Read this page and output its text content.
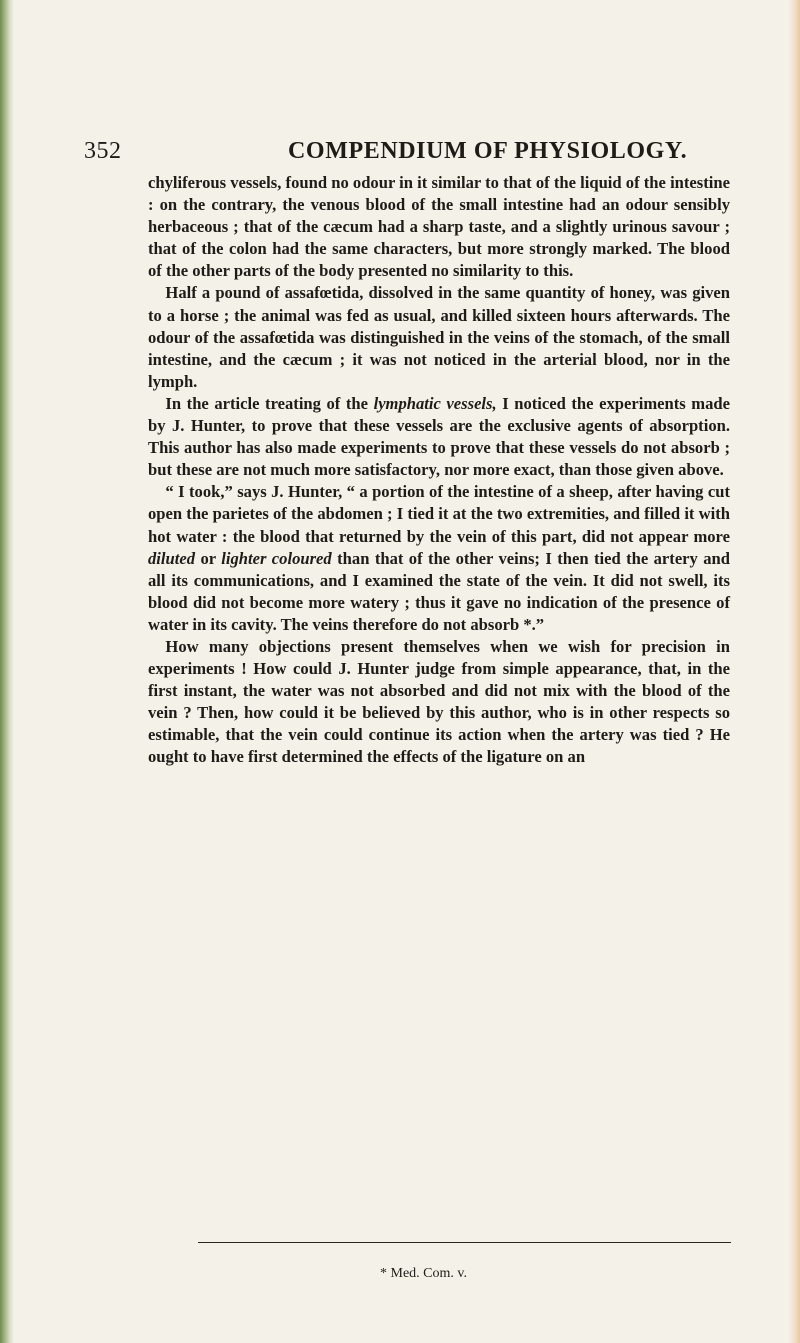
352	COMPENDIUM OF PHYSIOLOGY.

chyliferous vessels, found no odour in it similar to that of the liquid of the intestine : on the contrary, the venous blood of the small intestine had an odour sensibly herbaceous ; that of the cæcum had a sharp taste, and a slightly urinous savour ; that of the colon had the same characters, but more strongly marked. The blood of the other parts of the body presented no similarity to this.

Half a pound of assafœtida, dissolved in the same quantity of honey, was given to a horse ; the animal was fed as usual, and killed sixteen hours afterwards. The odour of the assafœtida was distinguished in the veins of the stomach, of the small intestine, and the cæcum ; it was not noticed in the arterial blood, nor in the lymph.

In the article treating of the lymphatic vessels, I noticed the experiments made by J. Hunter, to prove that these vessels are the exclusive agents of absorption. This author has also made experiments to prove that these vessels do not absorb ; but these are not much more satisfactory, nor more exact, than those given above.

“ I took,” says J. Hunter, “ a portion of the intestine of a sheep, after having cut open the parietes of the abdomen ; I tied it at the two extremities, and filled it with hot water : the blood that returned by the vein of this part, did not appear more diluted or lighter coloured than that of the other veins; I then tied the artery and all its communications, and I examined the state of the vein. It did not swell, its blood did not become more watery ; thus it gave no indication of the presence of water in its cavity. The veins therefore do not absorb *.”

How many objections present themselves when we wish for precision in experiments ! How could J. Hunter judge from simple appearance, that, in the first instant, the water was not absorbed and did not mix with the blood of the vein ? Then, how could it be believed by this author, who is in other respects so estimable, that the vein could continue its action when the artery was tied ? He ought to have first determined the effects of the ligature on an

* Med. Com. v.
